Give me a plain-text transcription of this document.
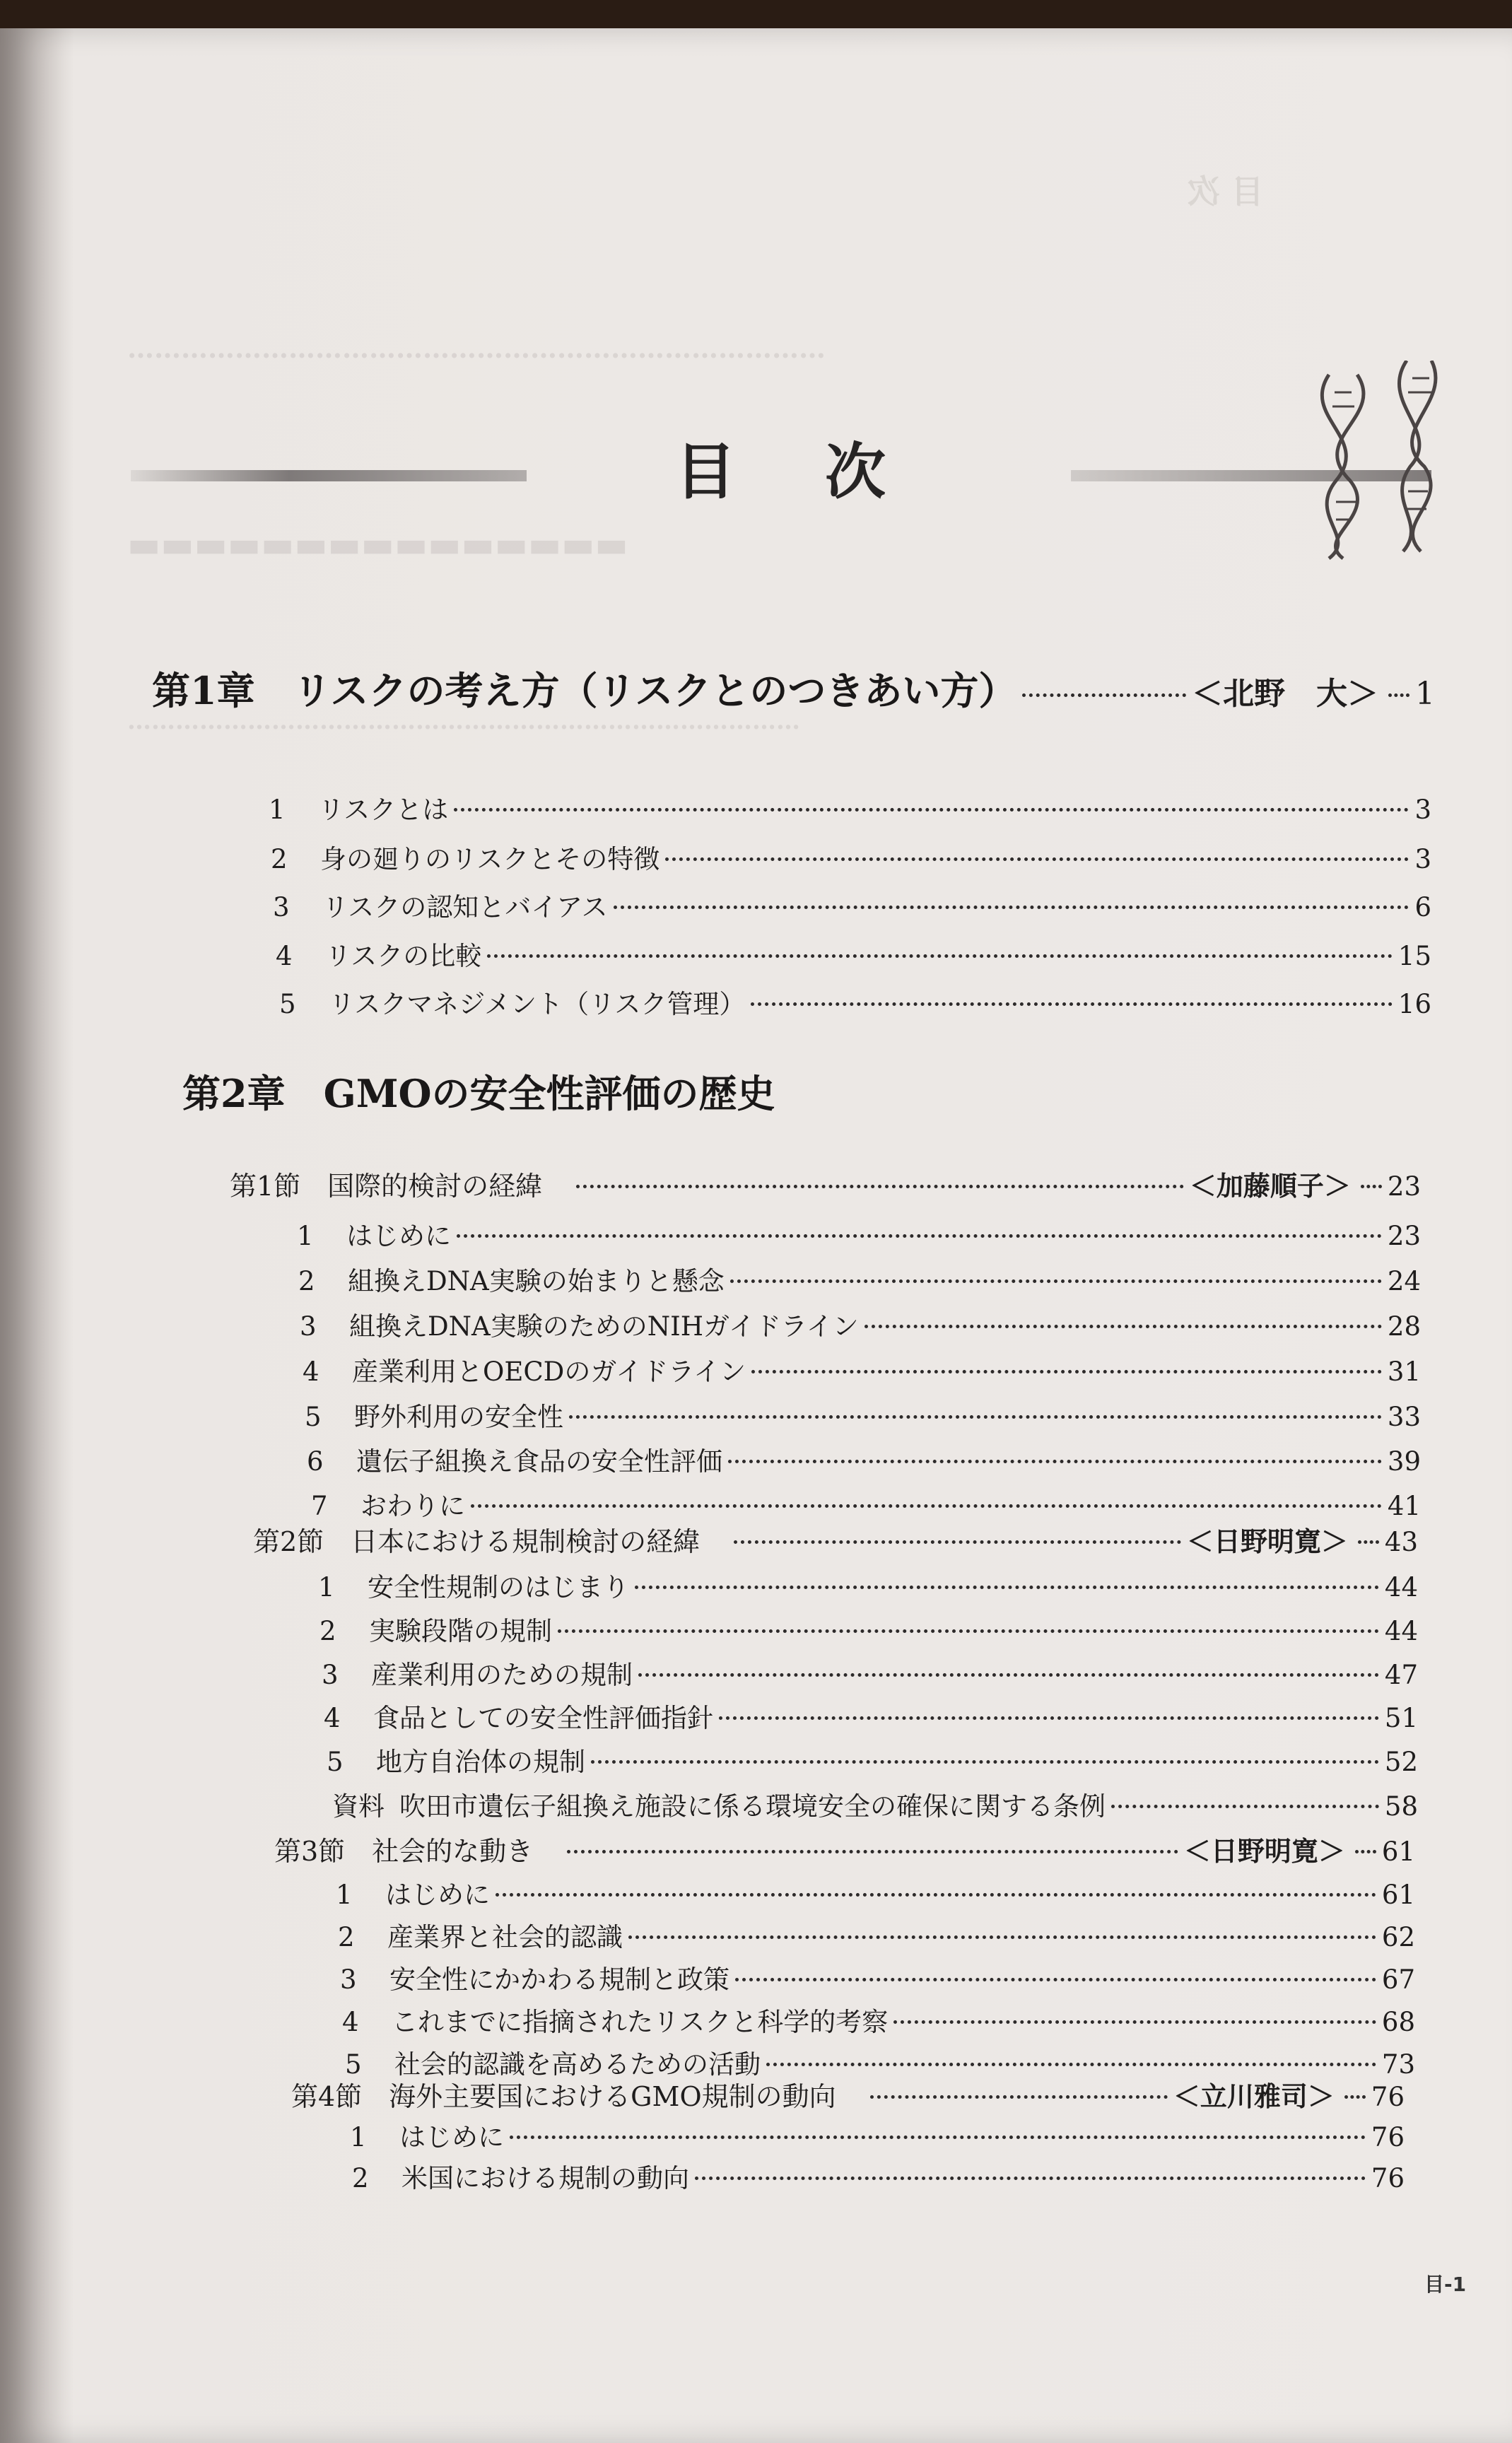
目 次
……………………………………………………………………
▬▬▬▬▬▬▬▬▬▬▬▬▬▬▬
…………………………………………………………………………
目 次
第1章　リスクの考え方（リスクとのつきあい方）	＜北野　大＞ 1
1	リスクとは	3
2	身の廻りのリスクとその特徴	3
3	リスクの認知とバイアス	6
4	リスクの比較	15
5	リスクマネジメント（リスク管理）	16
第2章　GMOの安全性評価の歴史
第1節　国際的検討の経緯	＜加藤順子＞ 23
1	はじめに	23
2	組換えDNA実験の始まりと懸念	24
3	組換えDNA実験のためのNIHガイドライン	28
4	産業利用とOECDのガイドライン	31
5	野外利用の安全性	33
6	遺伝子組換え食品の安全性評価	39
7	おわりに	41
第2節　日本における規制検討の経緯	＜日野明寛＞ 43
1	安全性規制のはじまり	44
2	実験段階の規制	44
3	産業利用のための規制	47
4	食品としての安全性評価指針	51
5	地方自治体の規制	52
資料 吹田市遺伝子組換え施設に係る環境安全の確保に関する条例	58
第3節　社会的な動き	＜日野明寛＞ 61
1	はじめに	61
2	産業界と社会的認識	62
3	安全性にかかわる規制と政策	67
4	これまでに指摘されたリスクと科学的考察	68
5	社会的認識を高めるための活動	73
第4節　海外主要国におけるGMO規制の動向	＜立川雅司＞ 76
1	はじめに	76
2	米国における規制の動向	76
目-1
